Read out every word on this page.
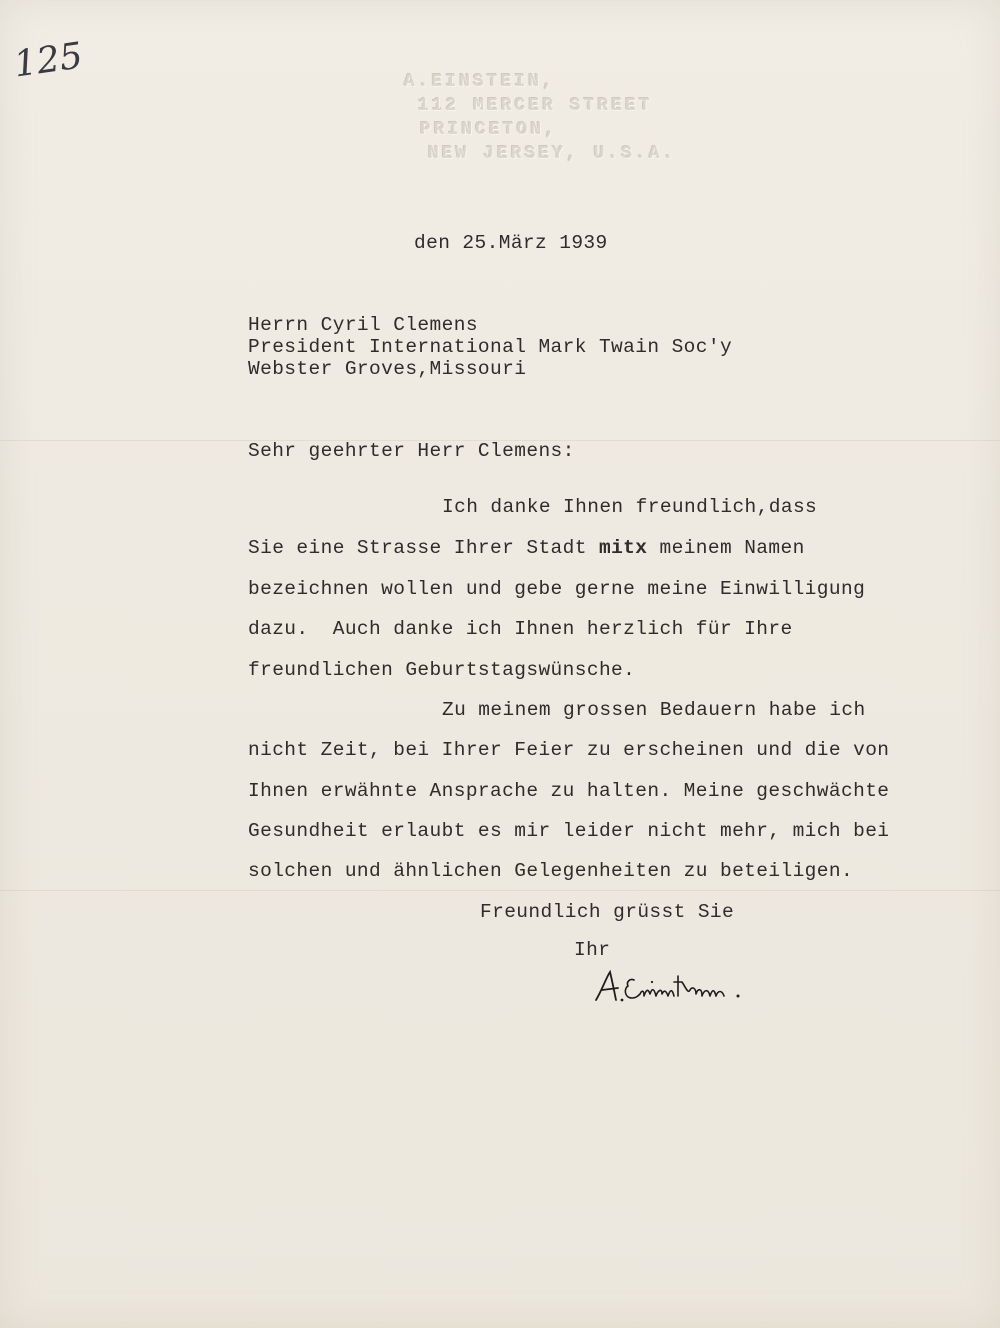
125	A.EINSTEIN,
112 MERCER STREET
PRINCETON,
NEW JERSEY, U.S.A.
den 25.März 1939
Herrn Cyril Clemens
President International Mark Twain Soc'y
Webster Groves,Missouri
Sehr geehrter Herr Clemens:
Ich danke Ihnen freundlich,dass
Sie eine Strasse Ihrer Stadt mitx meinem Namen
bezeichnen wollen und gebe gerne meine Einwilligung
dazu.  Auch danke ich Ihnen herzlich für Ihre
freundlichen Geburtstagswünsche.
Zu meinem grossen Bedauern habe ich
nicht Zeit, bei Ihrer Feier zu erscheinen und die von
Ihnen erwähnte Ansprache zu halten. Meine geschwächte
Gesundheit erlaubt es mir leider nicht mehr, mich bei
solchen und ähnlichen Gelegenheiten zu beteiligen.
Freundlich grüsst Sie
Ihr
